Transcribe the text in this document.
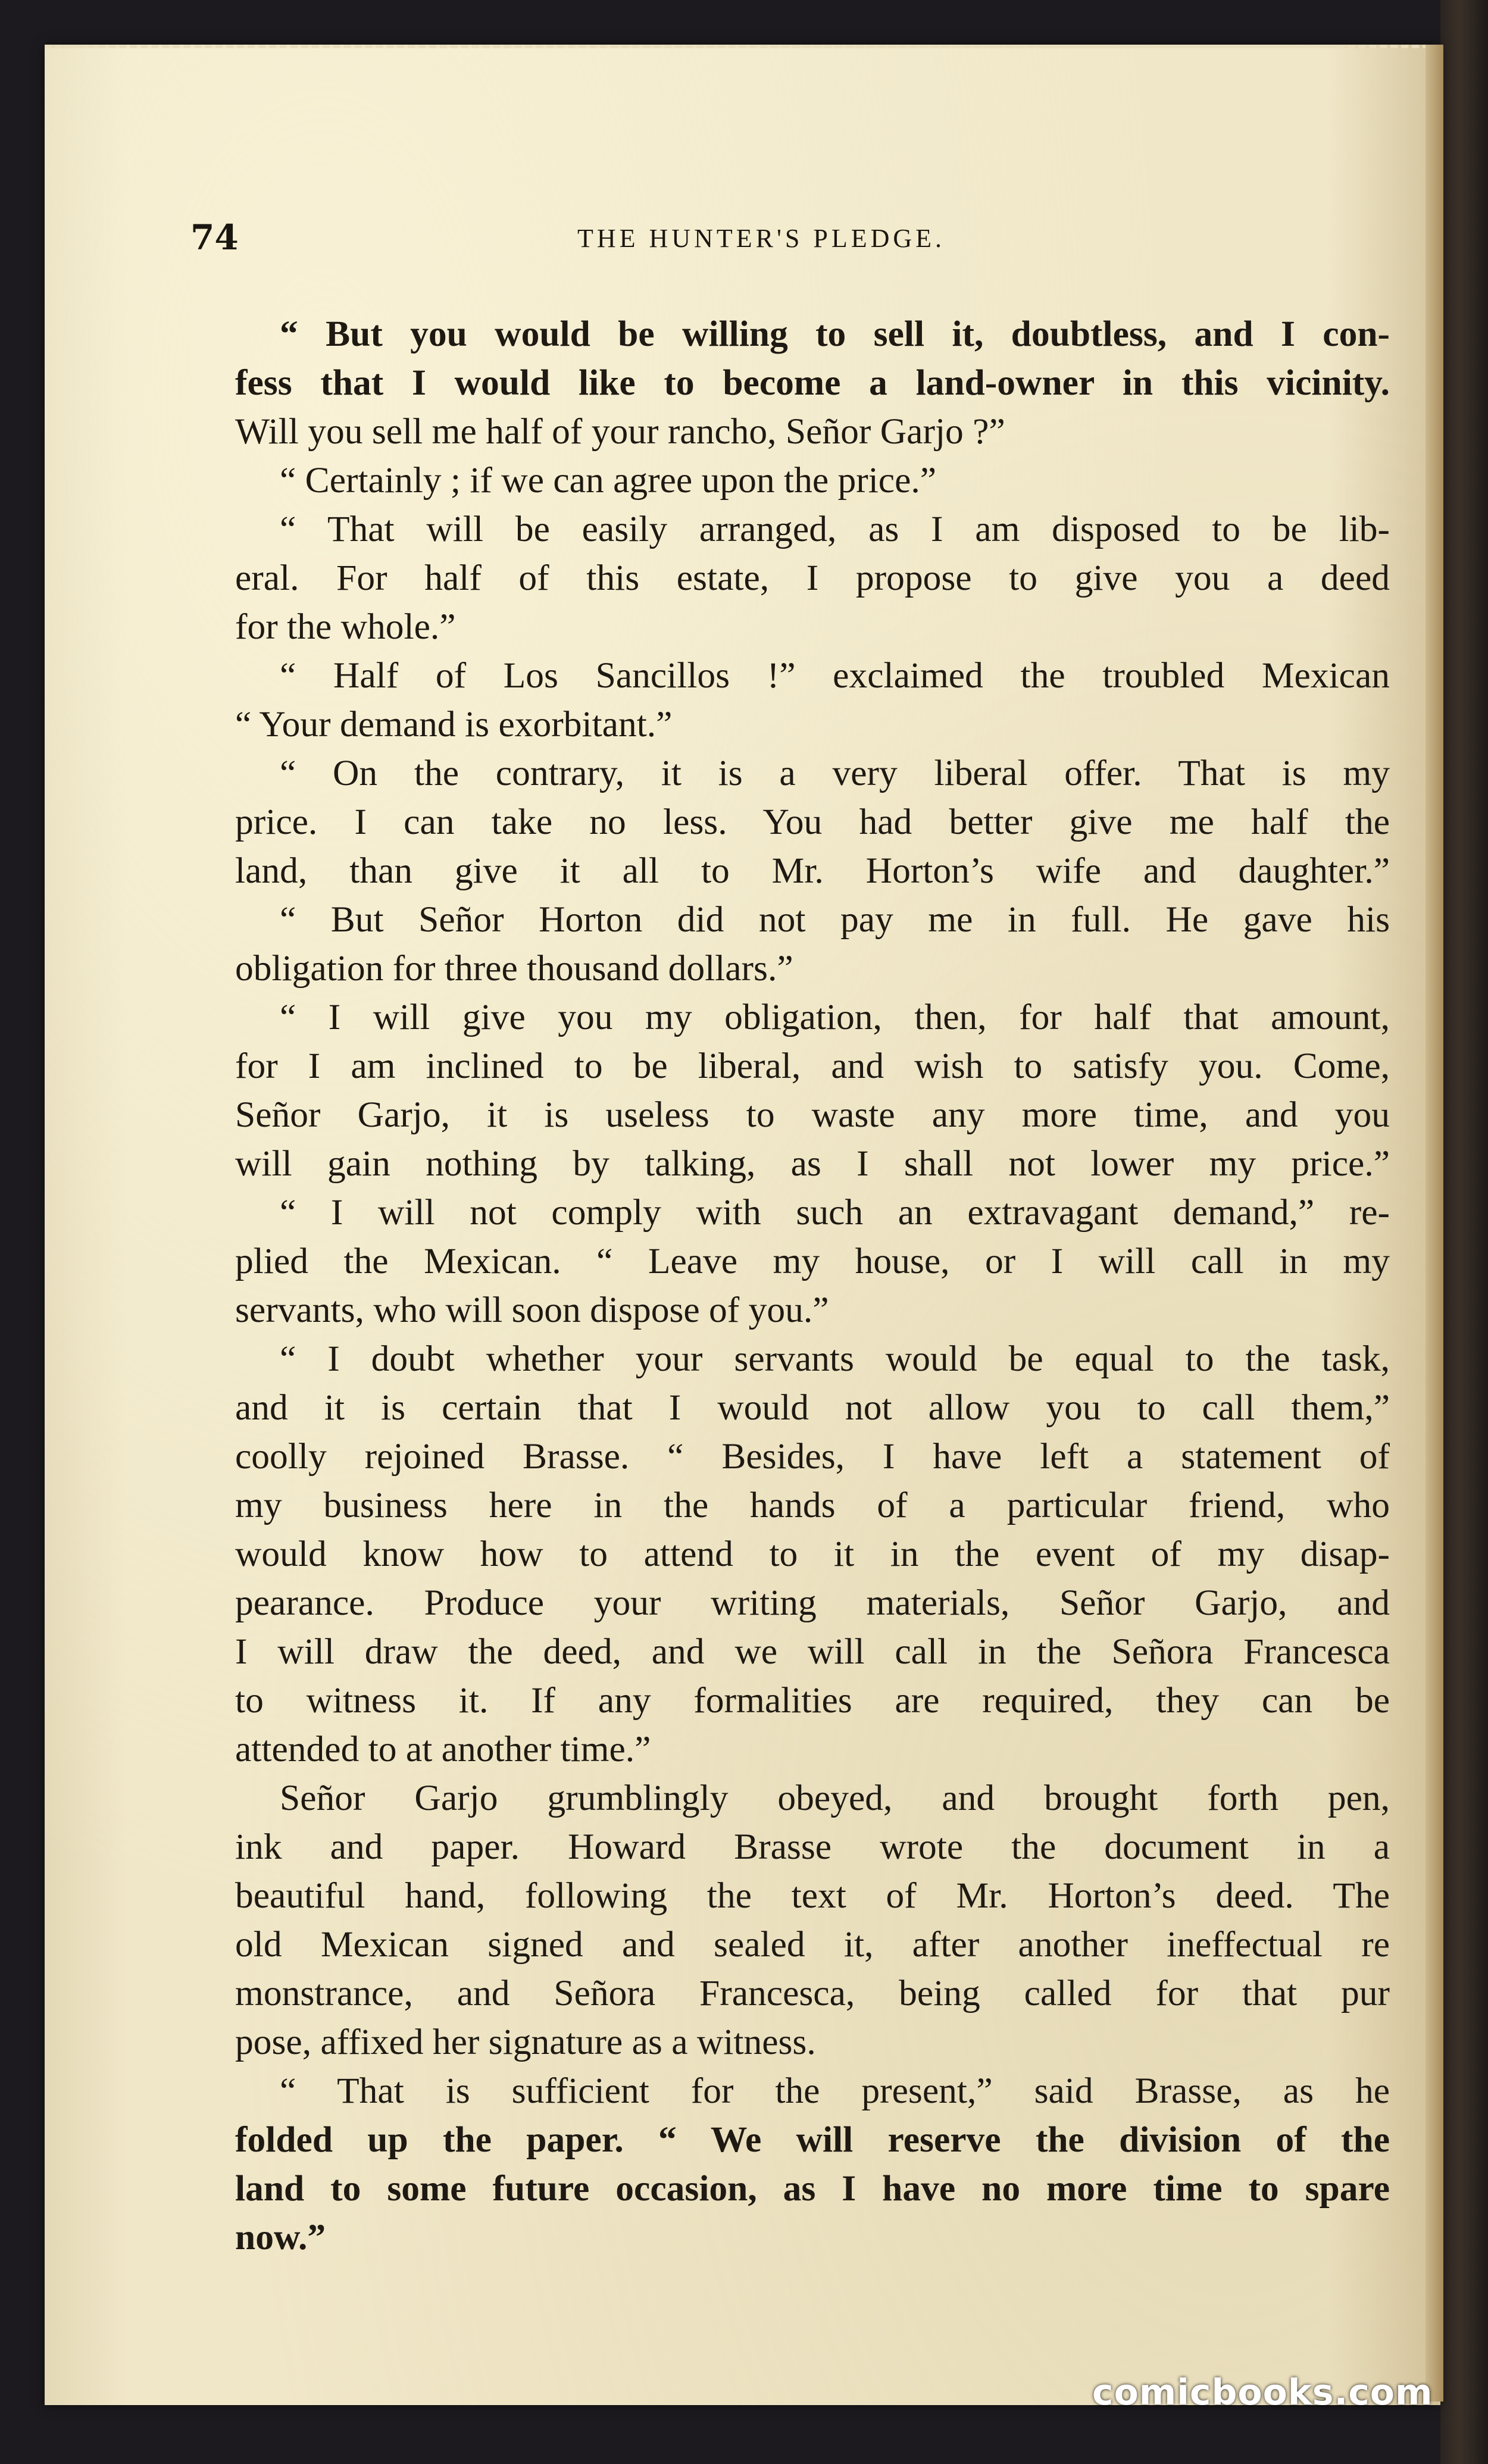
74	THE HUNTER'S PLEDGE.
“ But you would be willing to sell it, doubtless, and I con-
fess that I would like to become a land-owner in this vicinity.
Will you sell me half of your rancho, Señor Garjo ?”
“ Certainly ; if we can agree upon the price.”
“ That will be easily arranged, as I am disposed to be lib-
eral. For half of this estate, I propose to give you a deed
for the whole.”
“ Half of Los Sancillos !” exclaimed the troubled Mexican
“ Your demand is exorbitant.”
“ On the contrary, it is a very liberal offer. That is my
price. I can take no less. You had better give me half the
land, than give it all to Mr. Horton’s wife and daughter.”
“ But Señor Horton did not pay me in full. He gave his
obligation for three thousand dollars.”
“ I will give you my obligation, then, for half that amount,
for I am inclined to be liberal, and wish to satisfy you. Come,
Señor Garjo, it is useless to waste any more time, and you
will gain nothing by talking, as I shall not lower my price.”
“ I will not comply with such an extravagant demand,” re-
plied the Mexican. “ Leave my house, or I will call in my
servants, who will soon dispose of you.”
“ I doubt whether your servants would be equal to the task,
and it is certain that I would not allow you to call them,”
coolly rejoined Brasse. “ Besides, I have left a statement of
my business here in the hands of a particular friend, who
would know how to attend to it in the event of my disap-
pearance. Produce your writing materials, Señor Garjo, and
I will draw the deed, and we will call in the Señora Francesca
to witness it. If any formalities are required, they can be
attended to at another time.”
Señor Garjo grumblingly obeyed, and brought forth pen,
ink and paper. Howard Brasse wrote the document in a
beautiful hand, following the text of Mr. Horton’s deed. The
old Mexican signed and sealed it, after another ineffectual re
monstrance, and Señora Francesca, being called for that pur
pose, affixed her signature as a witness.
“ That is sufficient for the present,” said Brasse, as he
folded up the paper. “ We will reserve the division of the
land to some future occasion, as I have no more time to spare
now.”
comicbooks.com
